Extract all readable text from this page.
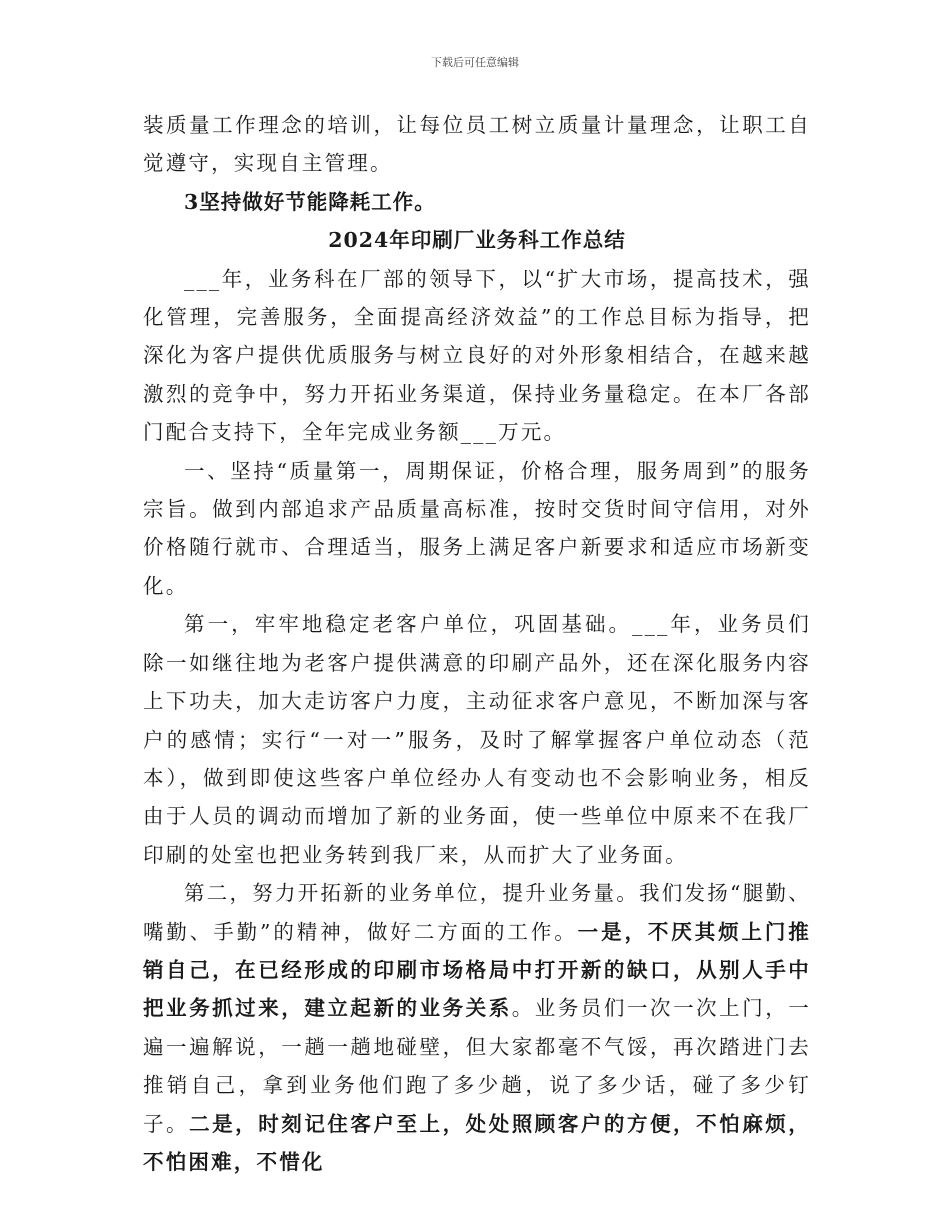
下载后可任意编辑

装质量工作理念的培训，让每位员工树立质量计量理念，让职工自觉遵守，实现自主管理。

3坚持做好节能降耗工作。

2024年印刷厂业务科工作总结

___年，业务科在厂部的领导下，以“扩大市场，提高技术，强化管理，完善服务，全面提高经济效益”的工作总目标为指导，把深化为客户提供优质服务与树立良好的对外形象相结合，在越来越激烈的竞争中，努力开拓业务渠道，保持业务量稳定。在本厂各部门配合支持下，全年完成业务额___万元。

一、坚持“质量第一，周期保证，价格合理，服务周到”的服务宗旨。做到内部追求产品质量高标准，按时交货时间守信用，对外价格随行就市、合理适当，服务上满足客户新要求和适应市场新变化。

第一，牢牢地稳定老客户单位，巩固基础。___年，业务员们除一如继往地为老客户提供满意的印刷产品外，还在深化服务内容上下功夫，加大走访客户力度，主动征求客户意见，不断加深与客户的感情；实行“一对一”服务，及时了解掌握客户单位动态（范本），做到即使这些客户单位经办人有变动也不会影响业务，相反由于人员的调动而增加了新的业务面，使一些单位中原来不在我厂印刷的处室也把业务转到我厂来，从而扩大了业务面。

第二，努力开拓新的业务单位，提升业务量。我们发扬“腿勤、嘴勤、手勤”的精神，做好二方面的工作。一是，不厌其烦上门推销自己，在已经形成的印刷市场格局中打开新的缺口，从别人手中把业务抓过来，建立起新的业务关系。业务员们一次一次上门，一遍一遍解说，一趟一趟地碰壁，但大家都毫不气馁，再次踏进门去推销自己，拿到业务他们跑了多少趟，说了多少话，碰了多少钉子。二是，时刻记住客户至上，处处照顾客户的方便，不怕麻烦，不怕困难，不惜化
